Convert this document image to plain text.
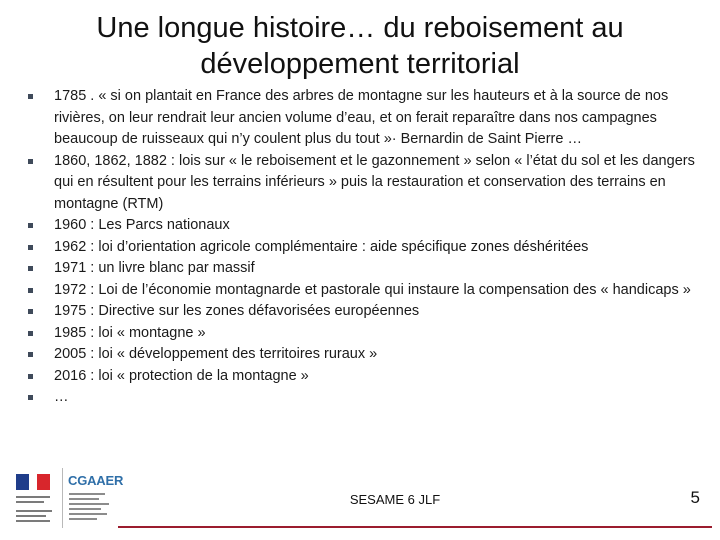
Une longue histoire… du reboisement au
développement territorial
1785 . « si on plantait en France des arbres de montagne sur les hauteurs et à la source de nos rivières, on leur rendrait leur ancien volume d’eau, et on ferait reparaître dans nos campagnes beaucoup de ruisseaux qui n’y coulent plus du tout »· Bernardin de Saint Pierre …
1860, 1862, 1882 : lois sur « le reboisement et le gazonnement » selon « l’état du sol et les dangers qui en résultent pour les terrains inférieurs » puis la restauration et conservation des terrains en montagne (RTM)
1960 : Les Parcs nationaux
1962 : loi d’orientation agricole complémentaire : aide spécifique zones déshéritées
1971 : un livre blanc par massif
1972 : Loi de l’économie montagnarde et pastorale qui instaure la compensation des « handicaps »
1975 : Directive sur les zones défavorisées européennes
1985 : loi « montagne »
2005 : loi « développement des territoires ruraux »
2016 : loi « protection de la montagne »
…
CGAAER
SESAME 6 JLF	5
